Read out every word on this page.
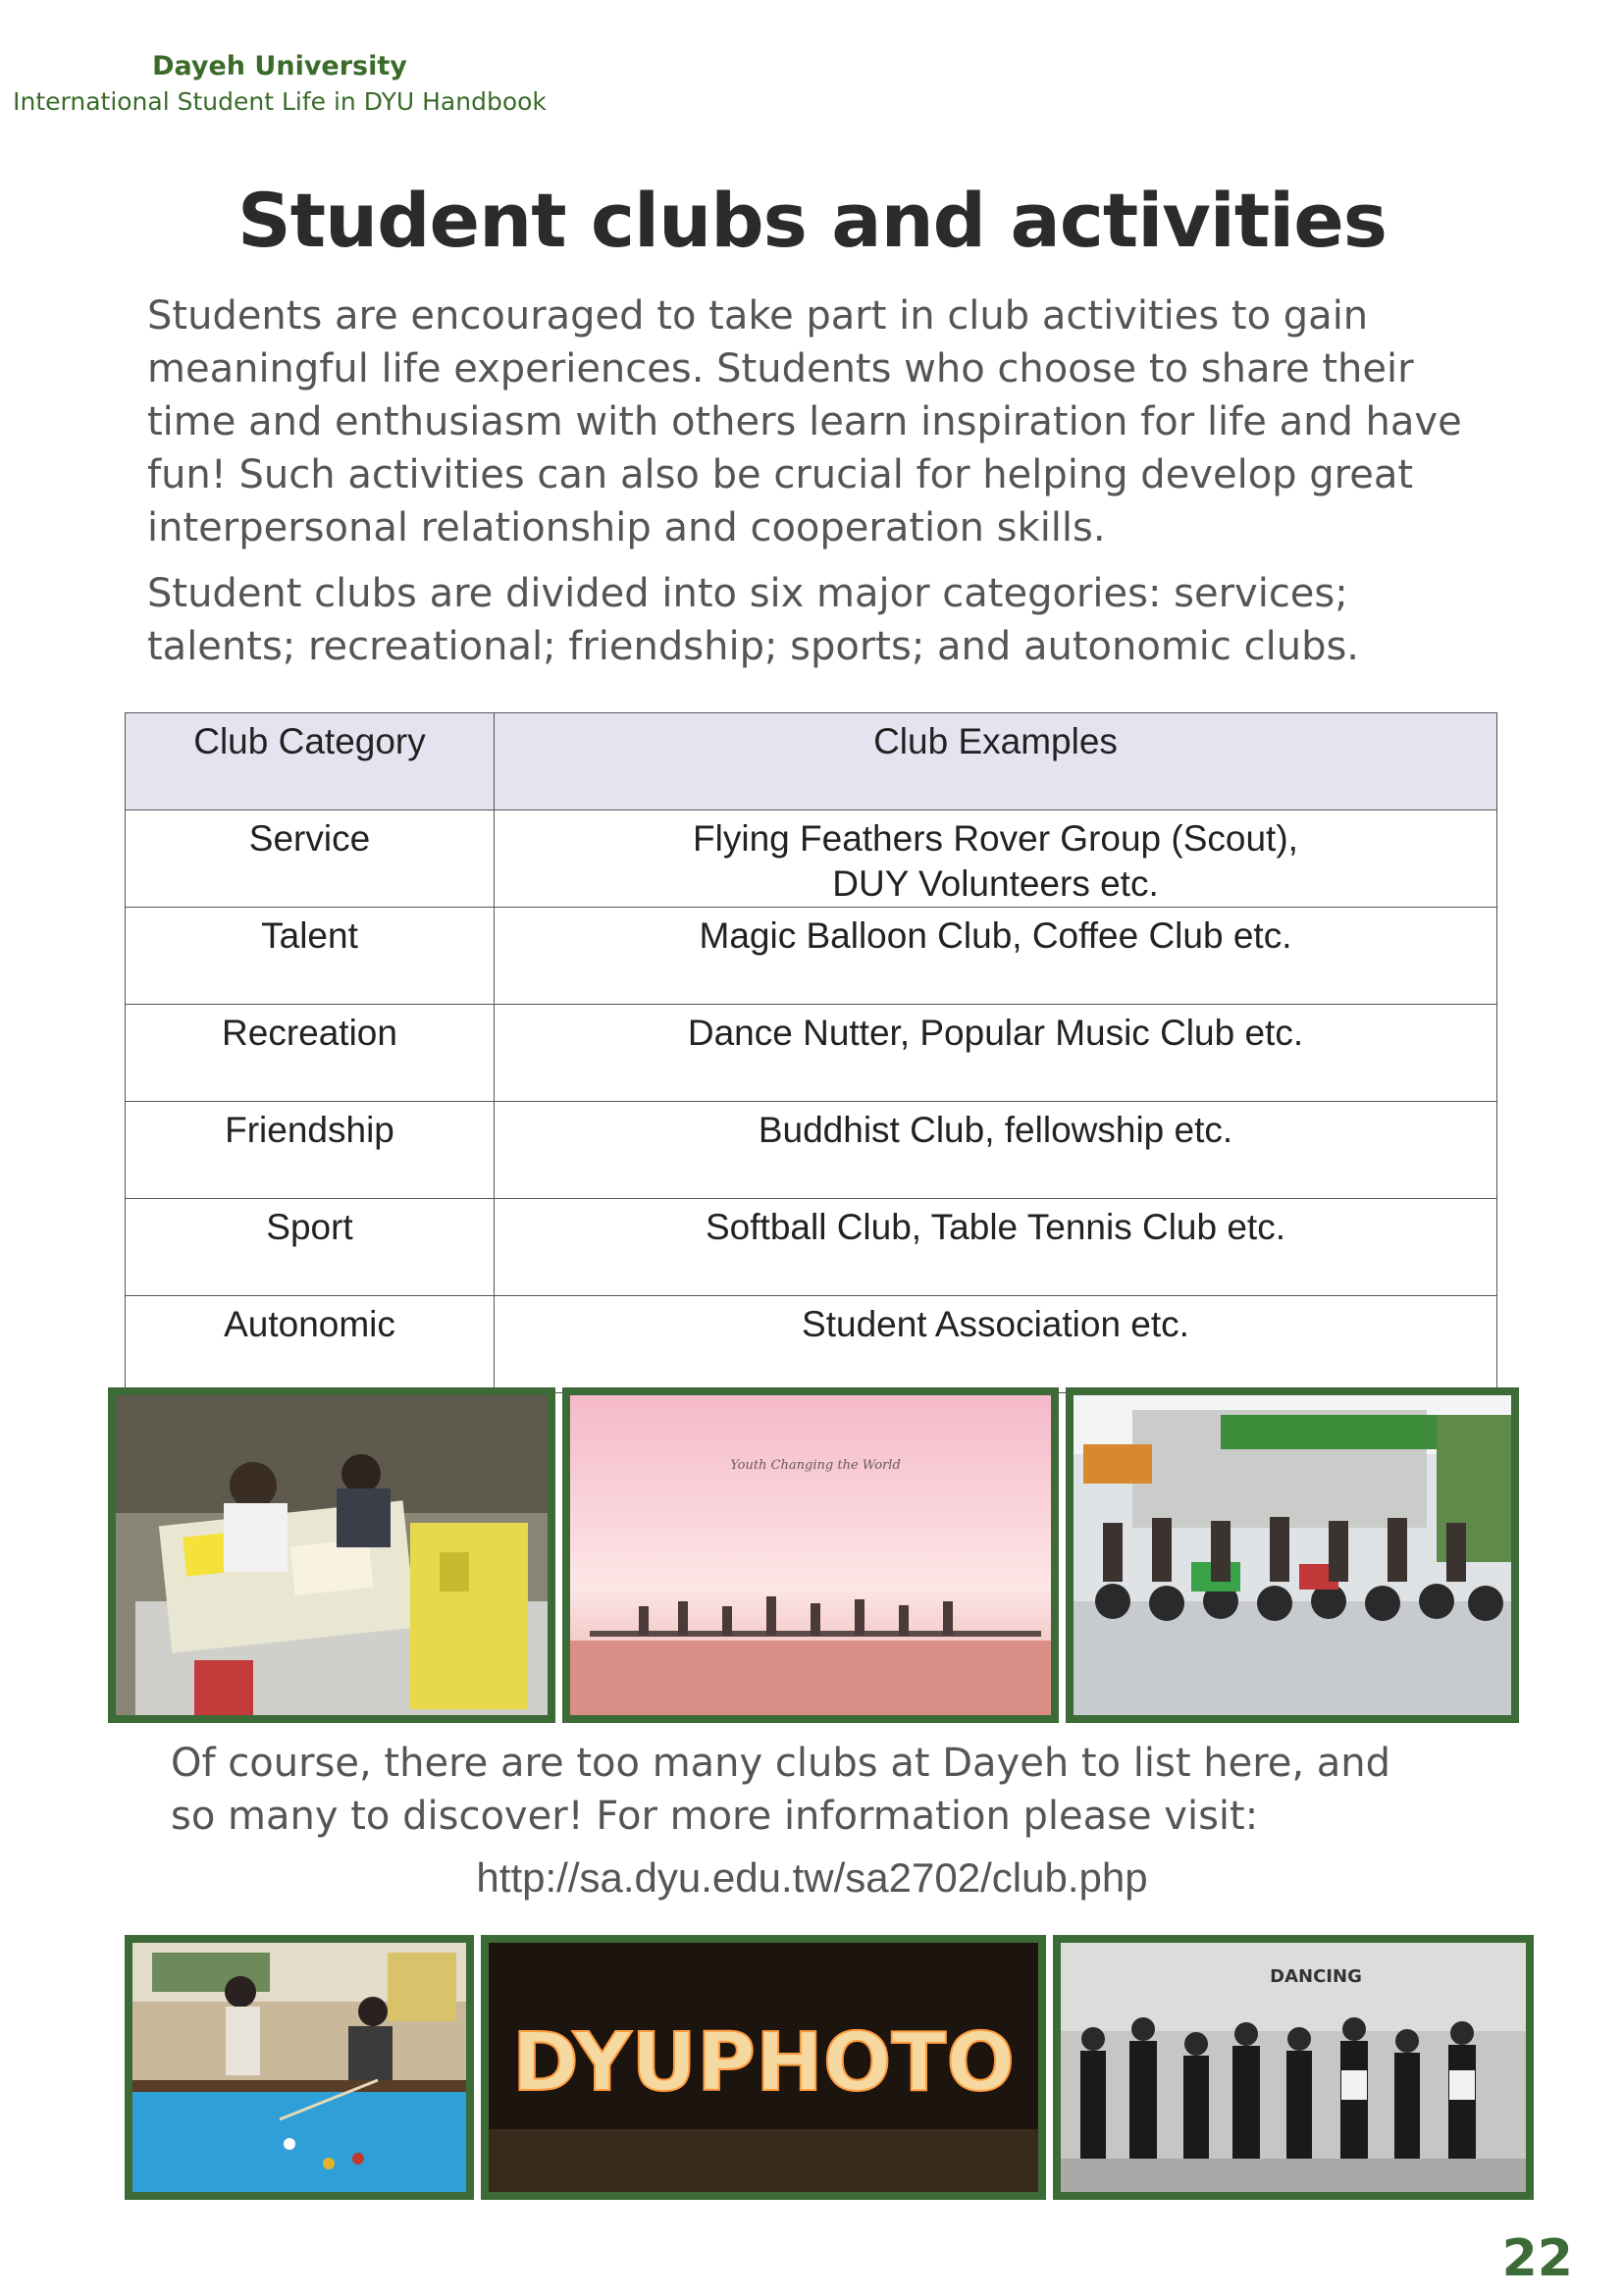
Dayeh University
International Student Life in DYU Handbook
Student clubs and activities

Students are encouraged to take part in club activities to gain meaningful life experiences. Students who choose to share their time and enthusiasm with others learn inspiration for life and have fun! Such activities can also be crucial for helping develop great interpersonal relationship and cooperation skills.

Student clubs are divided into six major categories: services; talents; recreational; friendship; sports; and autonomic clubs.

Club Category	Club Examples
Service	Flying Feathers Rover Group (Scout),
DUY Volunteers etc.
Talent	Magic Balloon Club, Coffee Club etc.
Recreation	Dance Nutter, Popular Music Club etc.
Friendship	Buddhist Club, fellowship etc.
Sport	Softball Club, Table Tennis Club etc.
Autonomic	Student Association etc.
Youth Changing the World

Of course, there are too many clubs at Dayeh to list here, and so many to discover! For more information please visit:

http://sa.dyu.edu.tw/sa2702/club.php
DYUPHOTO
DANCING
22
